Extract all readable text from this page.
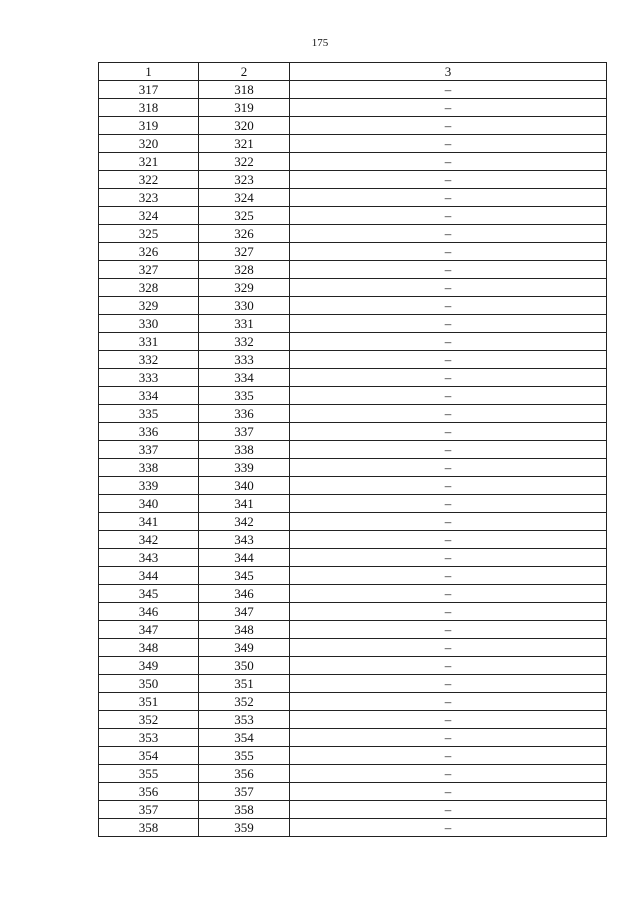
175
1	2	3
317	318	–
318	319	–
319	320	–
320	321	–
321	322	–
322	323	–
323	324	–
324	325	–
325	326	–
326	327	–
327	328	–
328	329	–
329	330	–
330	331	–
331	332	–
332	333	–
333	334	–
334	335	–
335	336	–
336	337	–
337	338	–
338	339	–
339	340	–
340	341	–
341	342	–
342	343	–
343	344	–
344	345	–
345	346	–
346	347	–
347	348	–
348	349	–
349	350	–
350	351	–
351	352	–
352	353	–
353	354	–
354	355	–
355	356	–
356	357	–
357	358	–
358	359	–
